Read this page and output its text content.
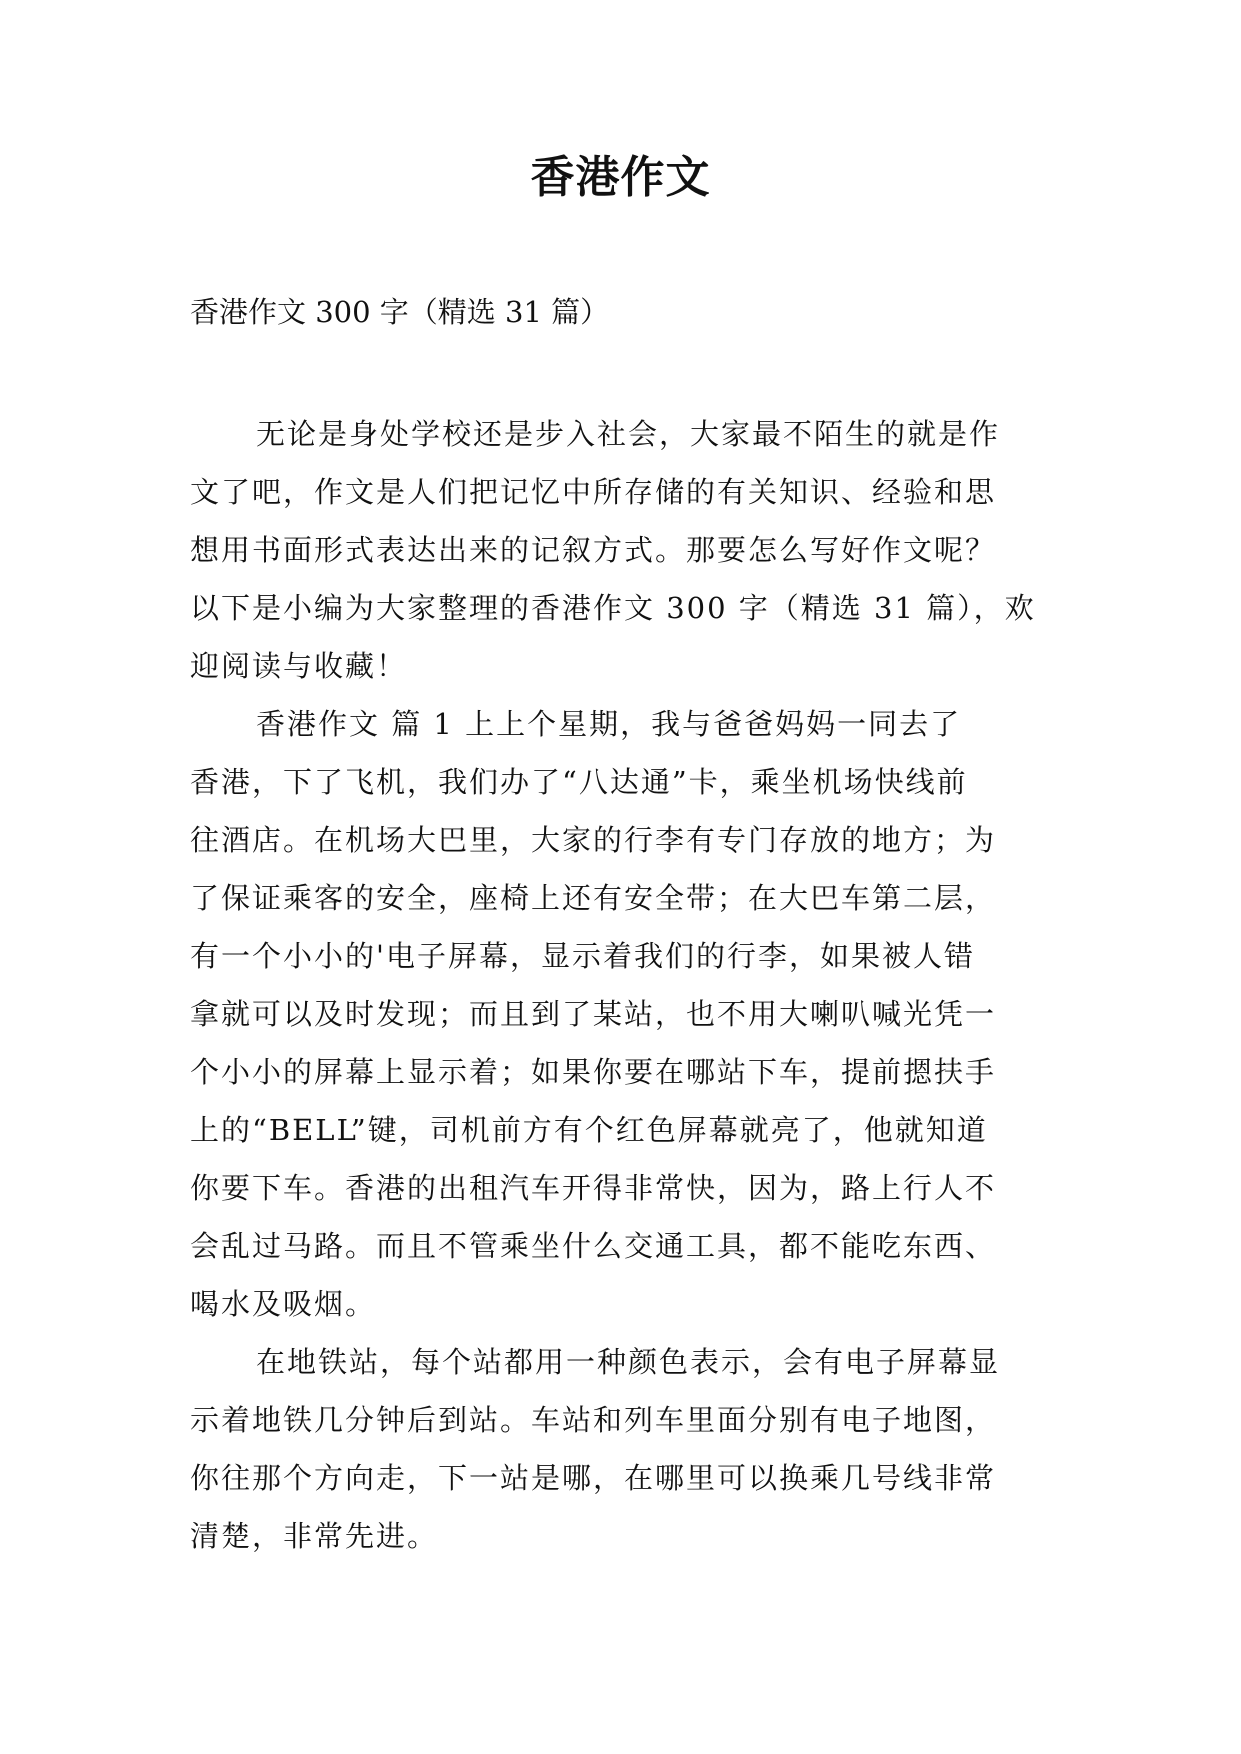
香港作文

香港作文 300 字（精选 31 篇）

无论是身处学校还是步入社会，大家最不陌生的就是作
文了吧，作文是人们把记忆中所存储的有关知识、经验和思
想用书面形式表达出来的记叙方式。那要怎么写好作文呢？
以下是小编为大家整理的香港作文 300 字（精选 31 篇），欢
迎阅读与收藏！
香港作文 篇 1 上上个星期，我与爸爸妈妈一同去了
香港，下了飞机，我们办了“八达通”卡，乘坐机场快线前
往酒店。在机场大巴里，大家的行李有专门存放的地方；为
了保证乘客的安全，座椅上还有安全带；在大巴车第二层，
有一个小小的'电子屏幕，显示着我们的行李，如果被人错
拿就可以及时发现；而且到了某站，也不用大喇叭喊光凭一
个小小的屏幕上显示着；如果你要在哪站下车，提前摁扶手
上的“BELL”键，司机前方有个红色屏幕就亮了，他就知道
你要下车。香港的出租汽车开得非常快，因为，路上行人不
会乱过马路。而且不管乘坐什么交通工具，都不能吃东西、
喝水及吸烟。
在地铁站，每个站都用一种颜色表示，会有电子屏幕显
示着地铁几分钟后到站。车站和列车里面分别有电子地图，
你往那个方向走，下一站是哪，在哪里可以换乘几号线非常
清楚，非常先进。
